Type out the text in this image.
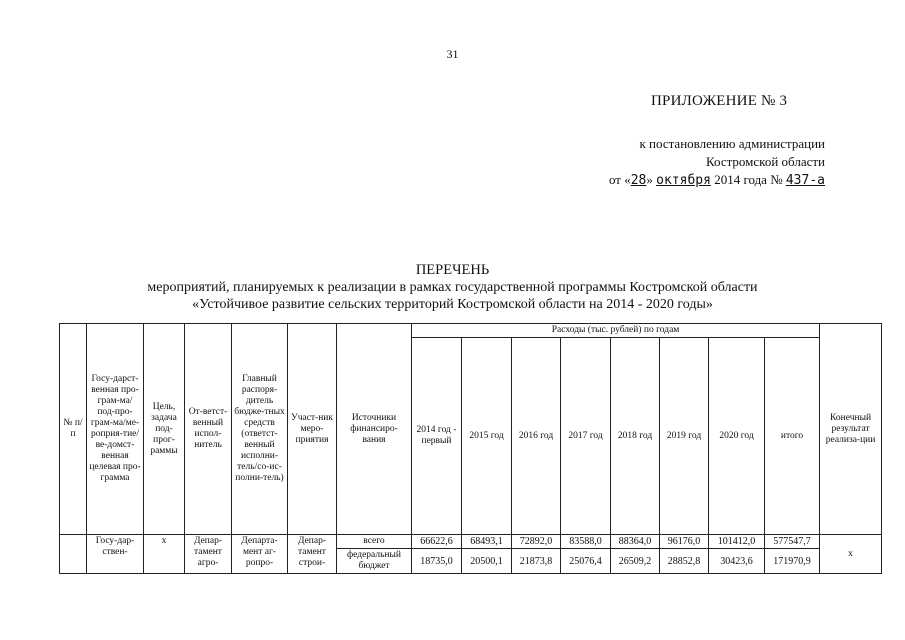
31
ПРИЛОЖЕНИЕ № 3
к постановлению администрации
Костромской области
от «28» октября 2014 года № 437-а
ПЕРЕЧЕНЬ
мероприятий, планируемых к реализации в рамках государственной программы Костромской области
«Устойчивое развитие сельских территорий Костромской области на 2014 - 2020 годы»
№ п/п	Госу-дарст-венная про-грам-ма/под-про-грам-ма/ме-роприя-тие/ве-домст-венная целевая про-грамма	Цель, задача под-прог-раммы	От-ветст-венный испол-нитель	Главный распоря-дитель бюдже-тных средств (ответст-венный исполни-тель/со-ис-полни-тель)	Участ-ник меро-приятия	Источники финансиро-вания	Расходы (тыс. рублей) по годам								Конечный результат реализа-ции
							2014 год - первый	2015 год	2016 год	2017 год	2018 год	2019 год	2020 год	итого	
	Госу-дар-ствен-	х	Депар-тамент агро-	Департа-мент аг-ропро-	Депар-тамент строи-	всего	66622,6	68493,1	72892,0	83588,0	88364,0	96176,0	101412,0	577547,7	х
						федеральный бюджет	18735,0	20500,1	21873,8	25076,4	26509,2	28852,8	30423,6	171970,9	
